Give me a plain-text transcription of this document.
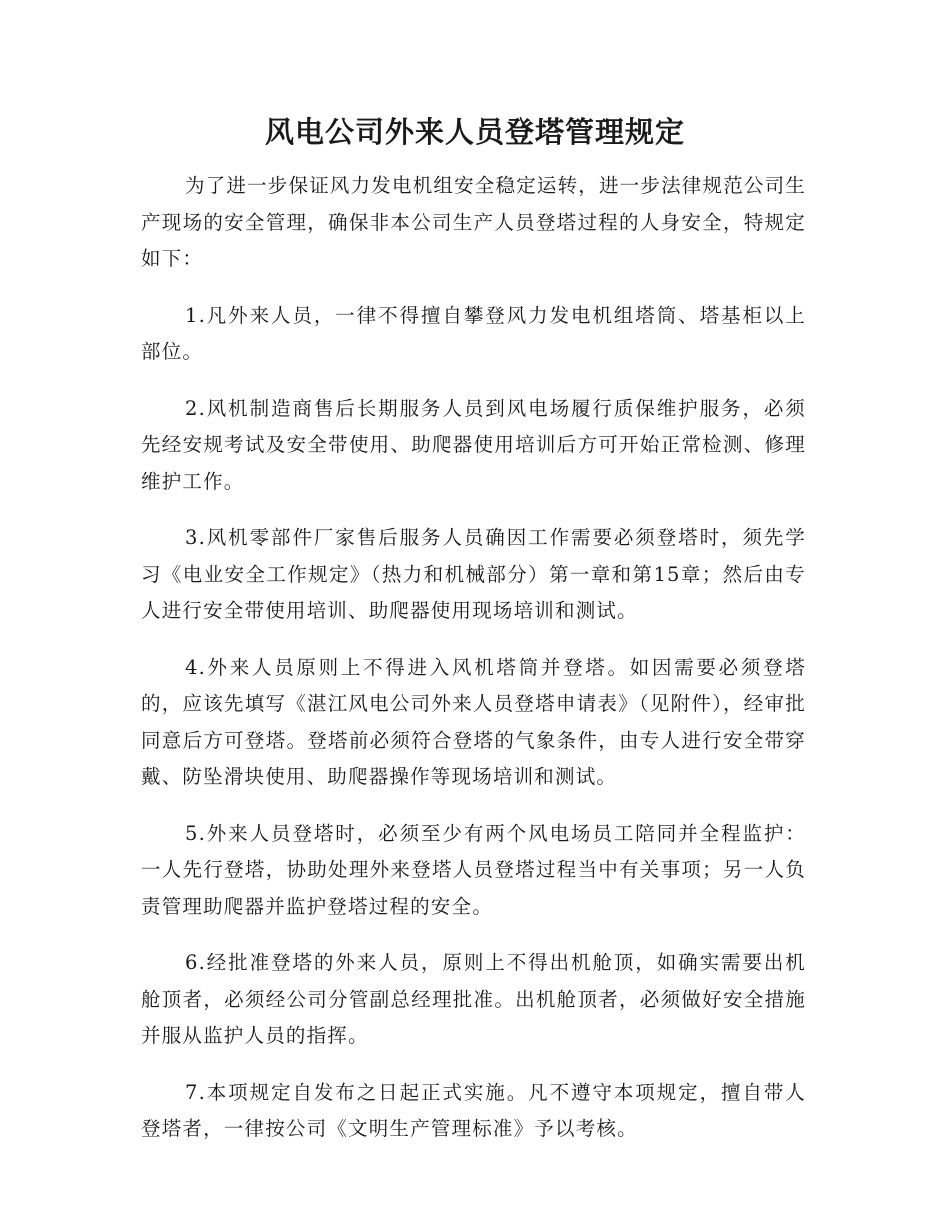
风电公司外来人员登塔管理规定

为了进一步保证风力发电机组安全稳定运转，进一步法律规范公司生产现场的安全管理，确保非本公司生产人员登塔过程的人身安全，特规定如下：

1.凡外来人员，一律不得擅自攀登风力发电机组塔筒、塔基柜以上部位。

2.风机制造商售后长期服务人员到风电场履行质保维护服务，必须先经安规考试及安全带使用、助爬器使用培训后方可开始正常检测、修理维护工作。

3.风机零部件厂家售后服务人员确因工作需要必须登塔时，须先学习《电业安全工作规定》（热力和机械部分）第一章和第15章；然后由专人进行安全带使用培训、助爬器使用现场培训和测试。

4.外来人员原则上不得进入风机塔筒并登塔。如因需要必须登塔的，应该先填写《湛江风电公司外来人员登塔申请表》（见附件），经审批同意后方可登塔。登塔前必须符合登塔的气象条件，由专人进行安全带穿戴、防坠滑块使用、助爬器操作等现场培训和测试。

5.外来人员登塔时，必须至少有两个风电场员工陪同并全程监护：一人先行登塔，协助处理外来登塔人员登塔过程当中有关事项；另一人负责管理助爬器并监护登塔过程的安全。

6.经批准登塔的外来人员，原则上不得出机舱顶，如确实需要出机舱顶者，必须经公司分管副总经理批准。出机舱顶者，必须做好安全措施并服从监护人员的指挥。

7.本项规定自发布之日起正式实施。凡不遵守本项规定，擅自带人登塔者，一律按公司《文明生产管理标准》予以考核。
